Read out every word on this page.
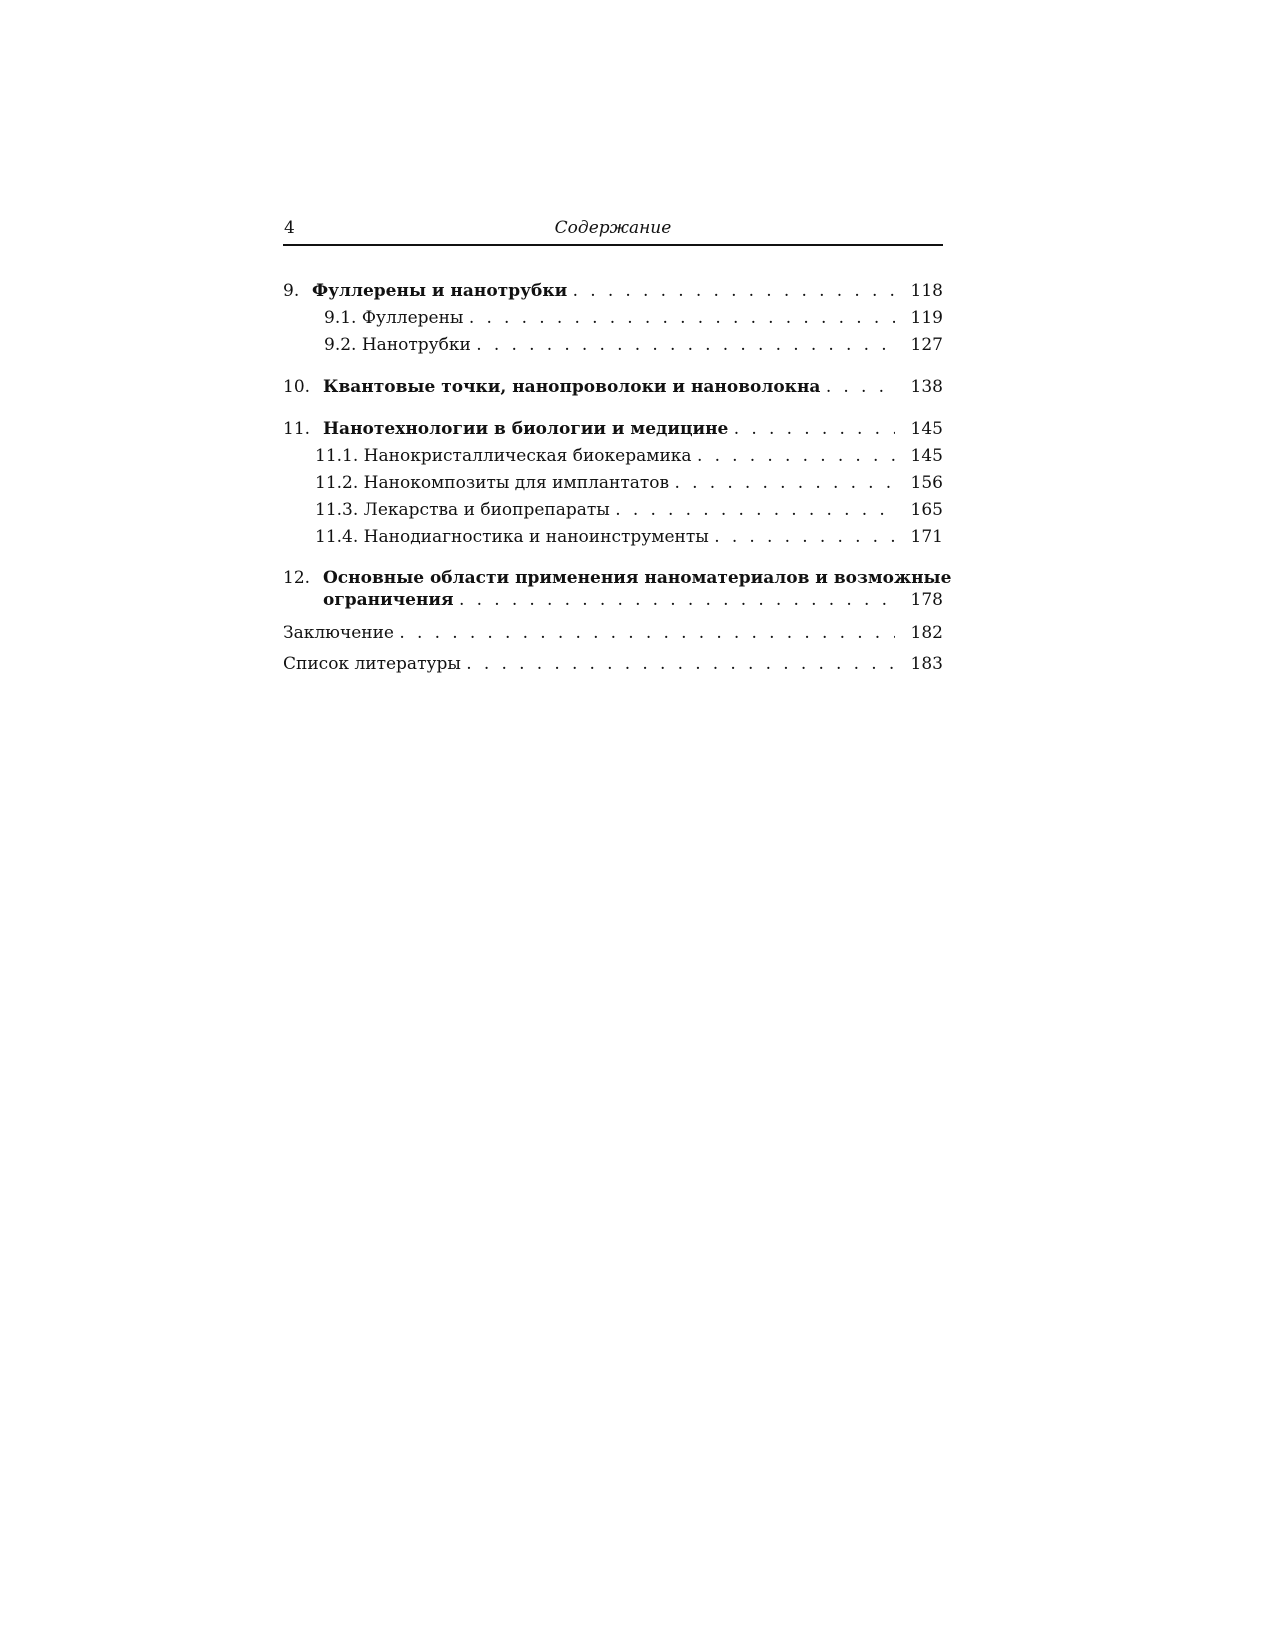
4	Содержание
9. Фуллерены и нанотрубки . . .	118
9.1. Фуллерены . . .	119
9.2. Нанотрубки . . .	127
10. Квантовые точки, нанопроволоки и нановолокна . . .	138
11. Нанотехнологии в биологии и медицине . . .	145
11.1. Нанокристаллическая биокерамика . . .	145
11.2. Нанокомпозиты для имплантатов . . .	156
11.3. Лекарства и биопрепараты . . .	165
11.4. Нанодиагностика и наноинструменты . . .	171
12. Основные области применения наноматериалов и возможные
ограничения . . .	178
Заключение . . .	182
Список литературы . . .	183
